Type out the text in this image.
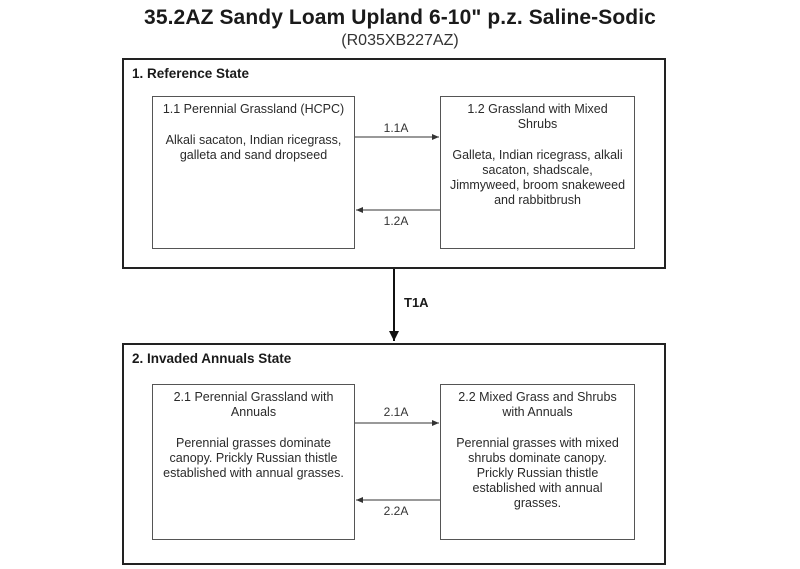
35.2AZ Sandy Loam Upland 6-10" p.z. Saline-Sodic
(R035XB227AZ)
1. Reference State
1.1 Perennial Grassland (HCPC)
Alkali sacaton, Indian ricegrass, galleta and sand dropseed
1.2 Grassland with Mixed Shrubs
Galleta, Indian ricegrass, alkali sacaton, shadscale, Jimmyweed, broom snakeweed and rabbitbrush
1.1A
1.2A
T1A
2. Invaded Annuals State
2.1 Perennial Grassland with Annuals
Perennial grasses dominate canopy. Prickly Russian thistle established with annual grasses.
2.2 Mixed Grass and Shrubs with Annuals
Perennial grasses with mixed shrubs dominate canopy. Prickly Russian thistle established with annual grasses.
2.1A
2.2A
